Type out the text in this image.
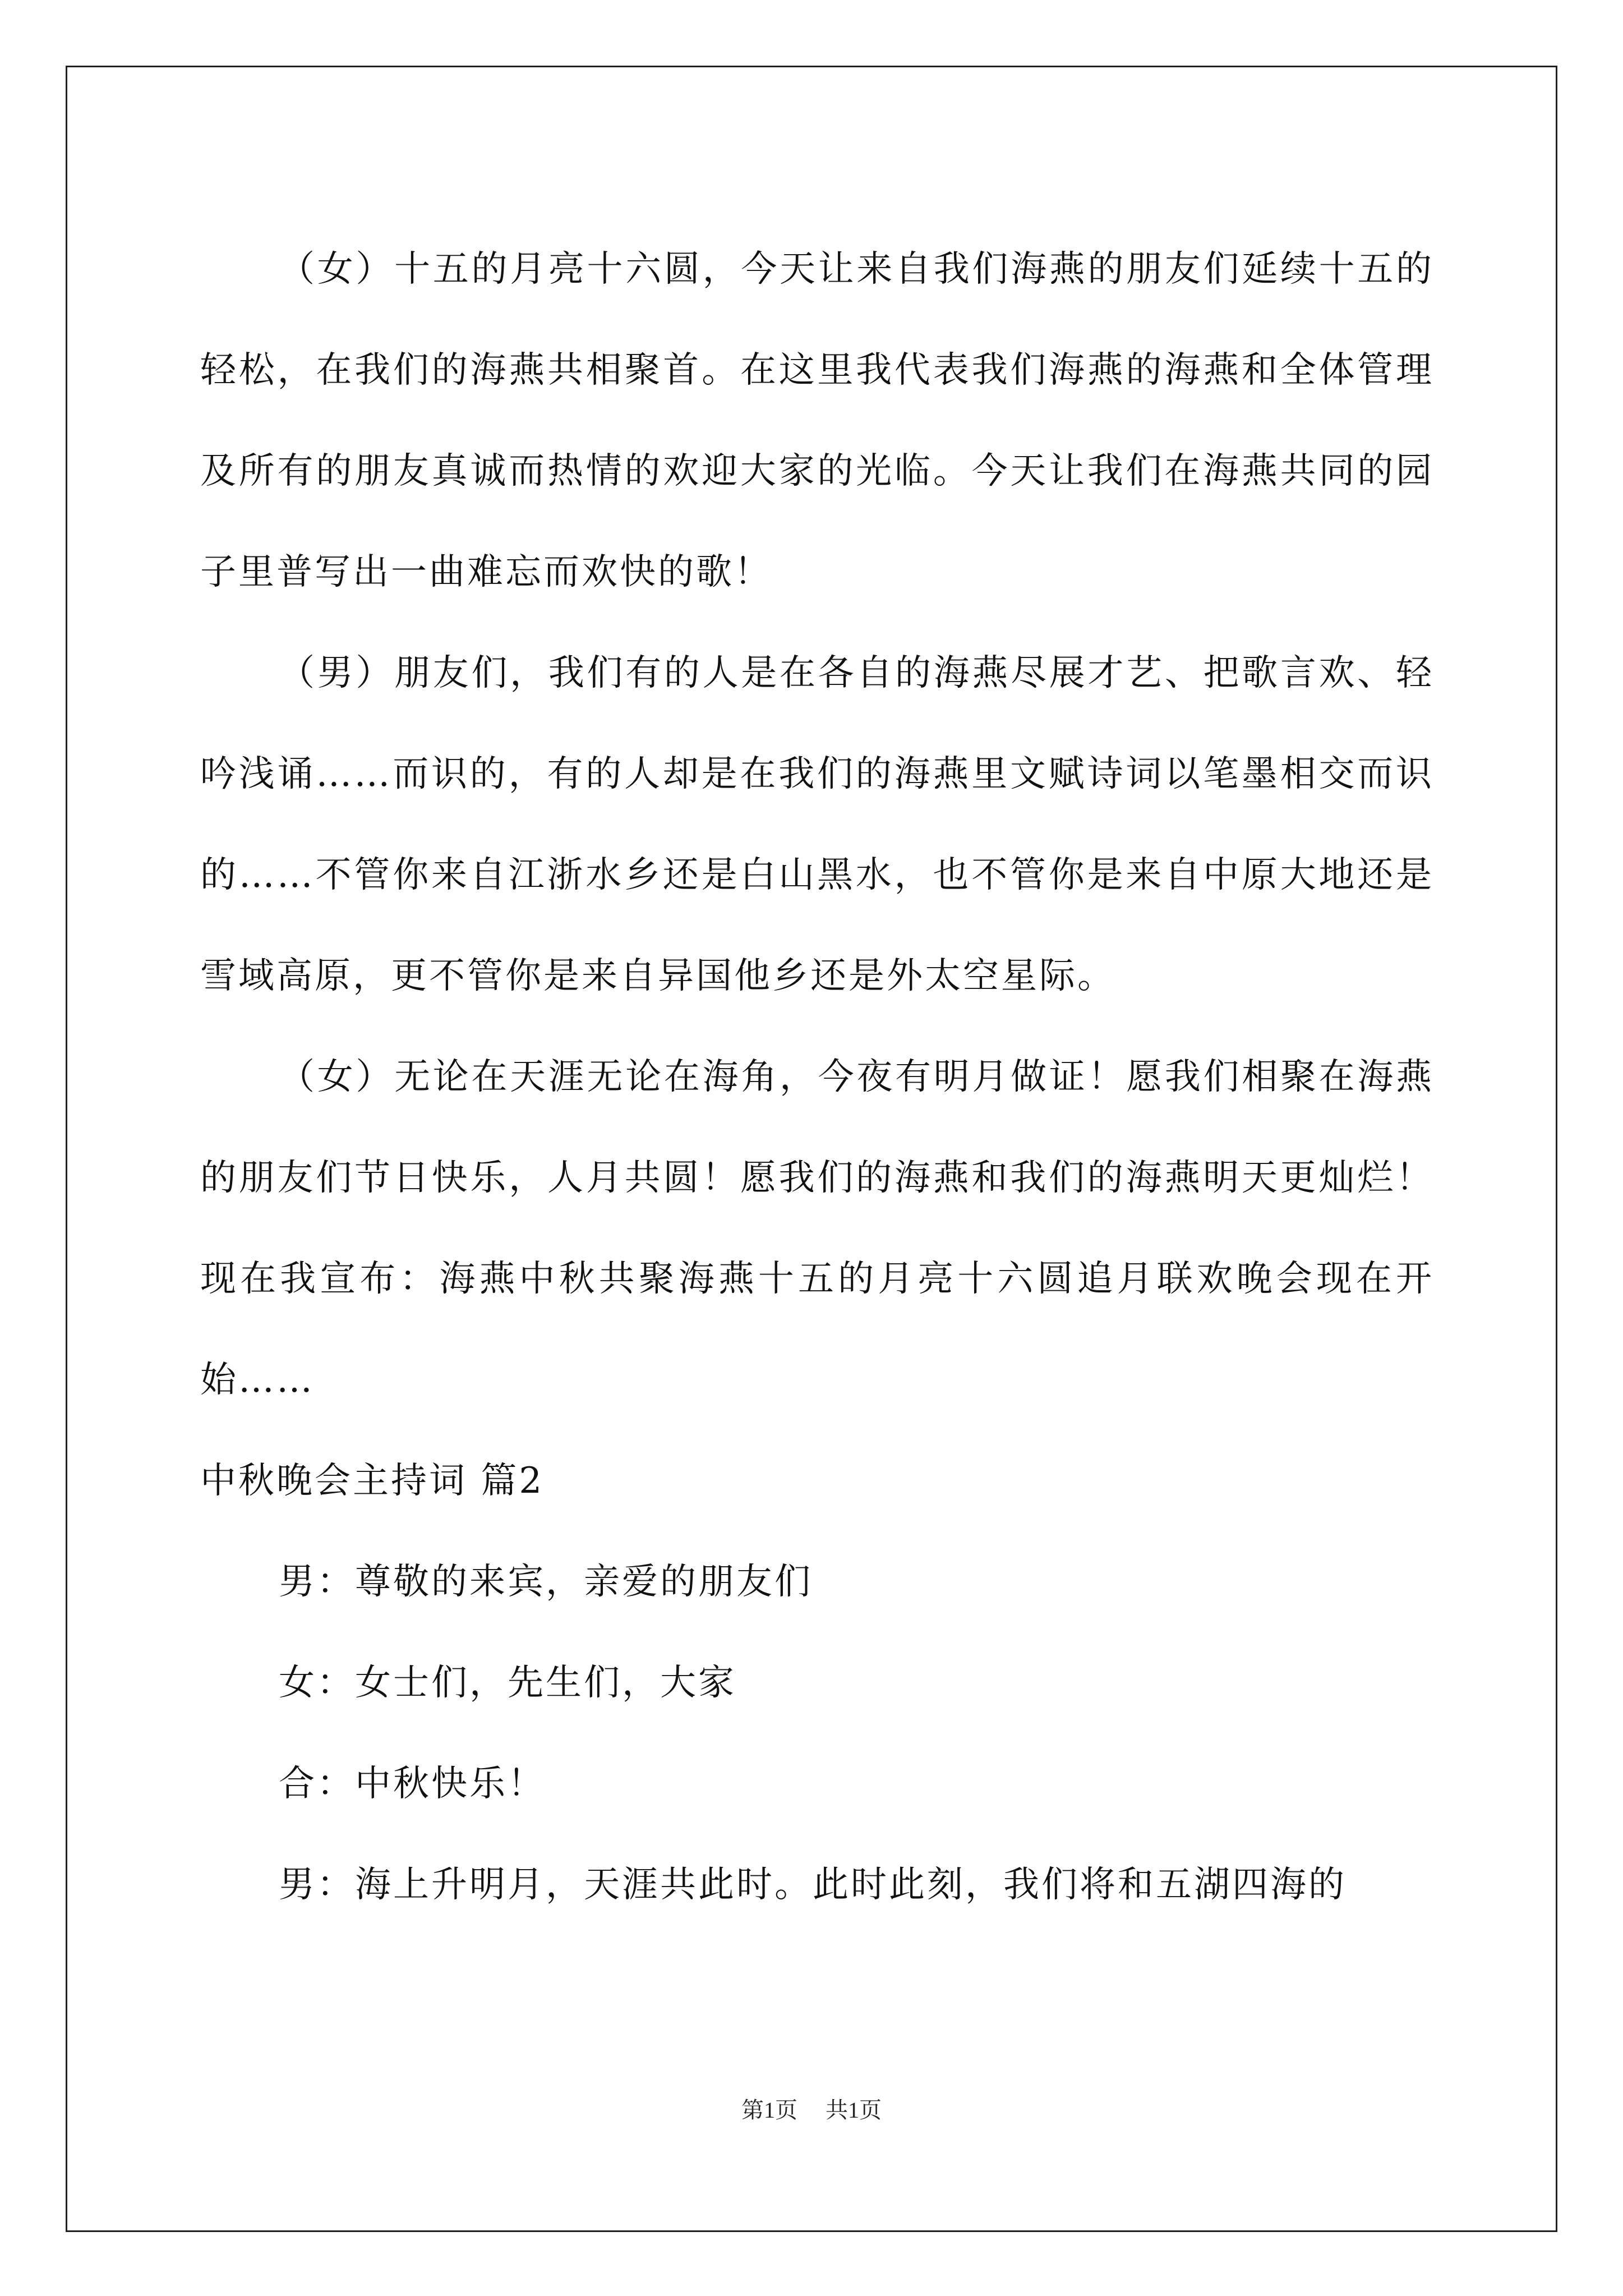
（女）十五的月亮十六圆，今天让来自我们海燕的朋友们延续十五的轻松，在我们的海燕共相聚首。在这里我代表我们海燕的海燕和全体管理及所有的朋友真诚而热情的欢迎大家的光临。今天让我们在海燕共同的园子里普写出一曲难忘而欢快的歌！

（男）朋友们，我们有的人是在各自的海燕尽展才艺、把歌言欢、轻吟浅诵……而识的，有的人却是在我们的海燕里文赋诗词以笔墨相交而识的……不管你来自江浙水乡还是白山黑水，也不管你是来自中原大地还是雪域高原，更不管你是来自异国他乡还是外太空星际。

（女）无论在天涯无论在海角，今夜有明月做证！愿我们相聚在海燕的朋友们节日快乐，人月共圆！愿我们的海燕和我们的海燕明天更灿烂！现在我宣布：海燕中秋共聚海燕十五的月亮十六圆追月联欢晚会现在开始……

中秋晚会主持词 篇2

男：尊敬的来宾，亲爱的朋友们

女：女士们，先生们，大家

合：中秋快乐！

男：海上升明月，天涯共此时。此时此刻，我们将和五湖四海的

第1页 共1页
